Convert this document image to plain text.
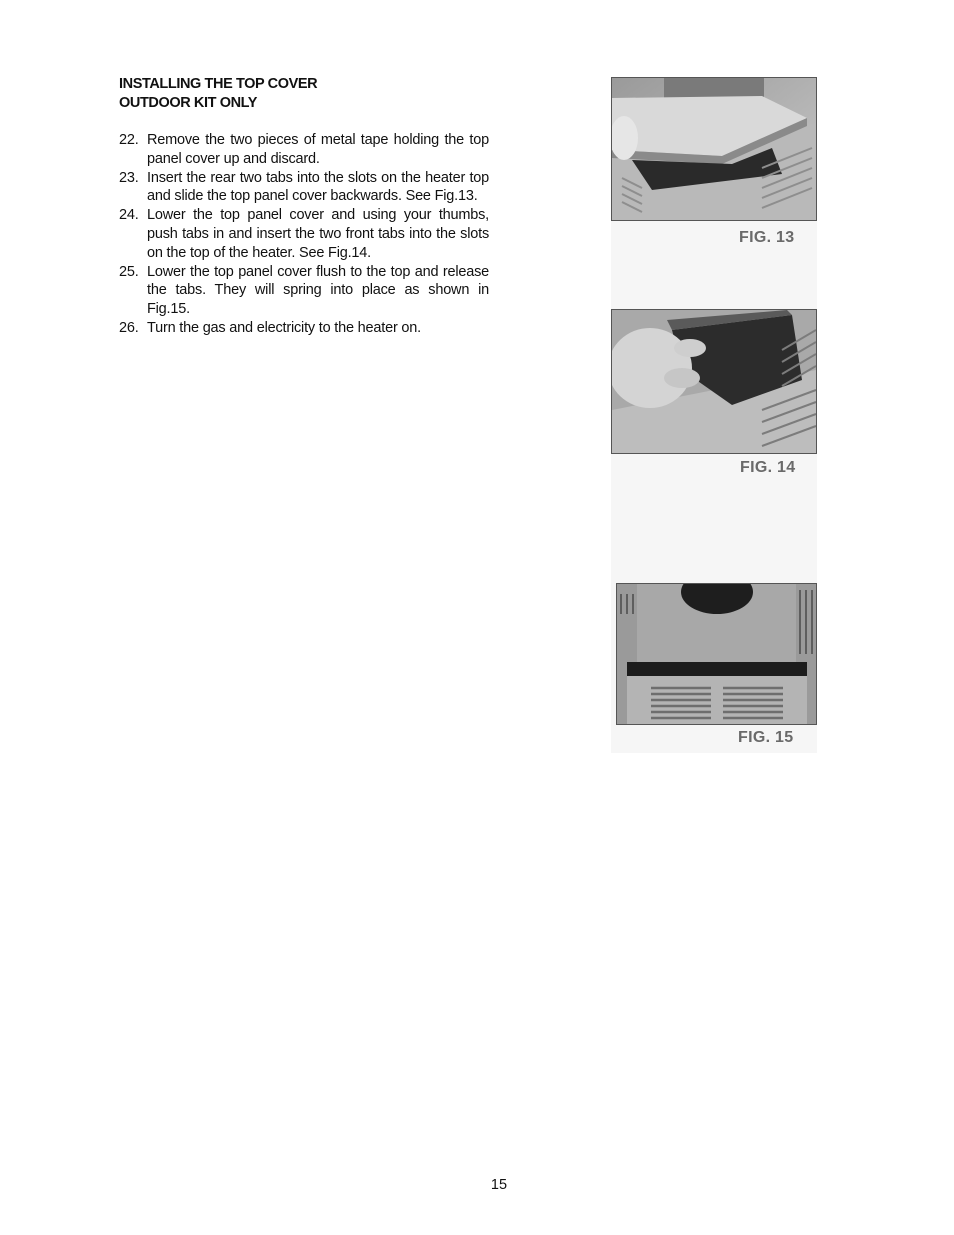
INSTALLING THE TOP COVER
OUTDOOR KIT ONLY
22. Remove the two pieces of metal tape holding the top panel cover up and discard.
23. Insert the rear two tabs into the slots on the heater top and slide the top panel cover backwards. See Fig.13.
24. Lower the top panel cover and using your thumbs, push tabs in and insert the two front tabs into the slots on the top of the heater. See Fig.14.
25. Lower the top panel cover flush to the top and release the tabs. They will spring into place as shown in Fig.15.
26. Turn the gas and electricity to the heater on.
FIG. 13
FIG. 14
FIG. 15
15
